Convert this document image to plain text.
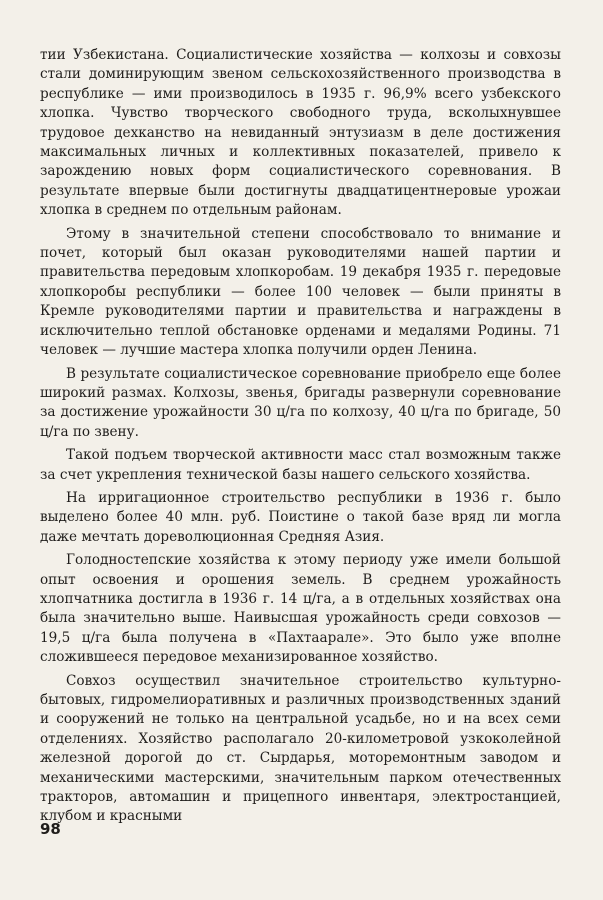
тии Узбекистана. Социалистические хозяйства — колхозы и совхозы стали доминирующим звеном сельскохозяйственного производства в республике — ими производилось в 1935 г. 96,9% всего узбекского хлопка. Чувство творческого свободного труда, всколыхнувшее трудовое дехканство на невиданный энтузиазм в деле достижения максимальных личных и коллективных показателей, привело к зарождению новых форм социалистического соревнования. В результате впервые были достигнуты двадцатицентнеровые урожаи хлопка в среднем по отдельным районам.

Этому в значительной степени способствовало то внимание и почет, который был оказан руководителями нашей партии и правительства передовым хлопкоробам. 19 декабря 1935 г. передовые хлопкоробы республики — более 100 человек — были приняты в Кремле руководителями партии и правительства и награждены в исключительно теплой обстановке орденами и медалями Родины. 71 человек — лучшие мастера хлопка получили орден Ленина.

В результате социалистическое соревнование приобрело еще более широкий размах. Колхозы, звенья, бригады развернули соревнование за достижение урожайности 30 ц/га по колхозу, 40 ц/га по бригаде, 50 ц/га по звену.

Такой подъем творческой активности масс стал возможным также за счет укрепления технической базы нашего сельского хозяйства.

На ирригационное строительство республики в 1936 г. было выделено более 40 млн. руб. Поистине о такой базе вряд ли могла даже мечтать дореволюционная Средняя Азия.

Голодностепские хозяйства к этому периоду уже имели большой опыт освоения и орошения земель. В среднем урожайность хлопчатника достигла в 1936 г. 14 ц/га, а в отдельных хозяйствах она была значительно выше. Наивысшая урожайность среди совхозов — 19,5 ц/га была получена в «Пахтаарале». Это было уже вполне сложившееся передовое механизированное хозяйство.

Совхоз осуществил значительное строительство культурно-бытовых, гидромелиоративных и различных производственных зданий и сооружений не только на центральной усадьбе, но и на всех семи отделениях. Хозяйство располагало 20-километровой узкоколейной железной дорогой до ст. Сырдарья, моторемонтным заводом и механическими мастерскими, значительным парком отечественных тракторов, автомашин и прицепного инвентаря, электростанцией, клубом и красными

98
